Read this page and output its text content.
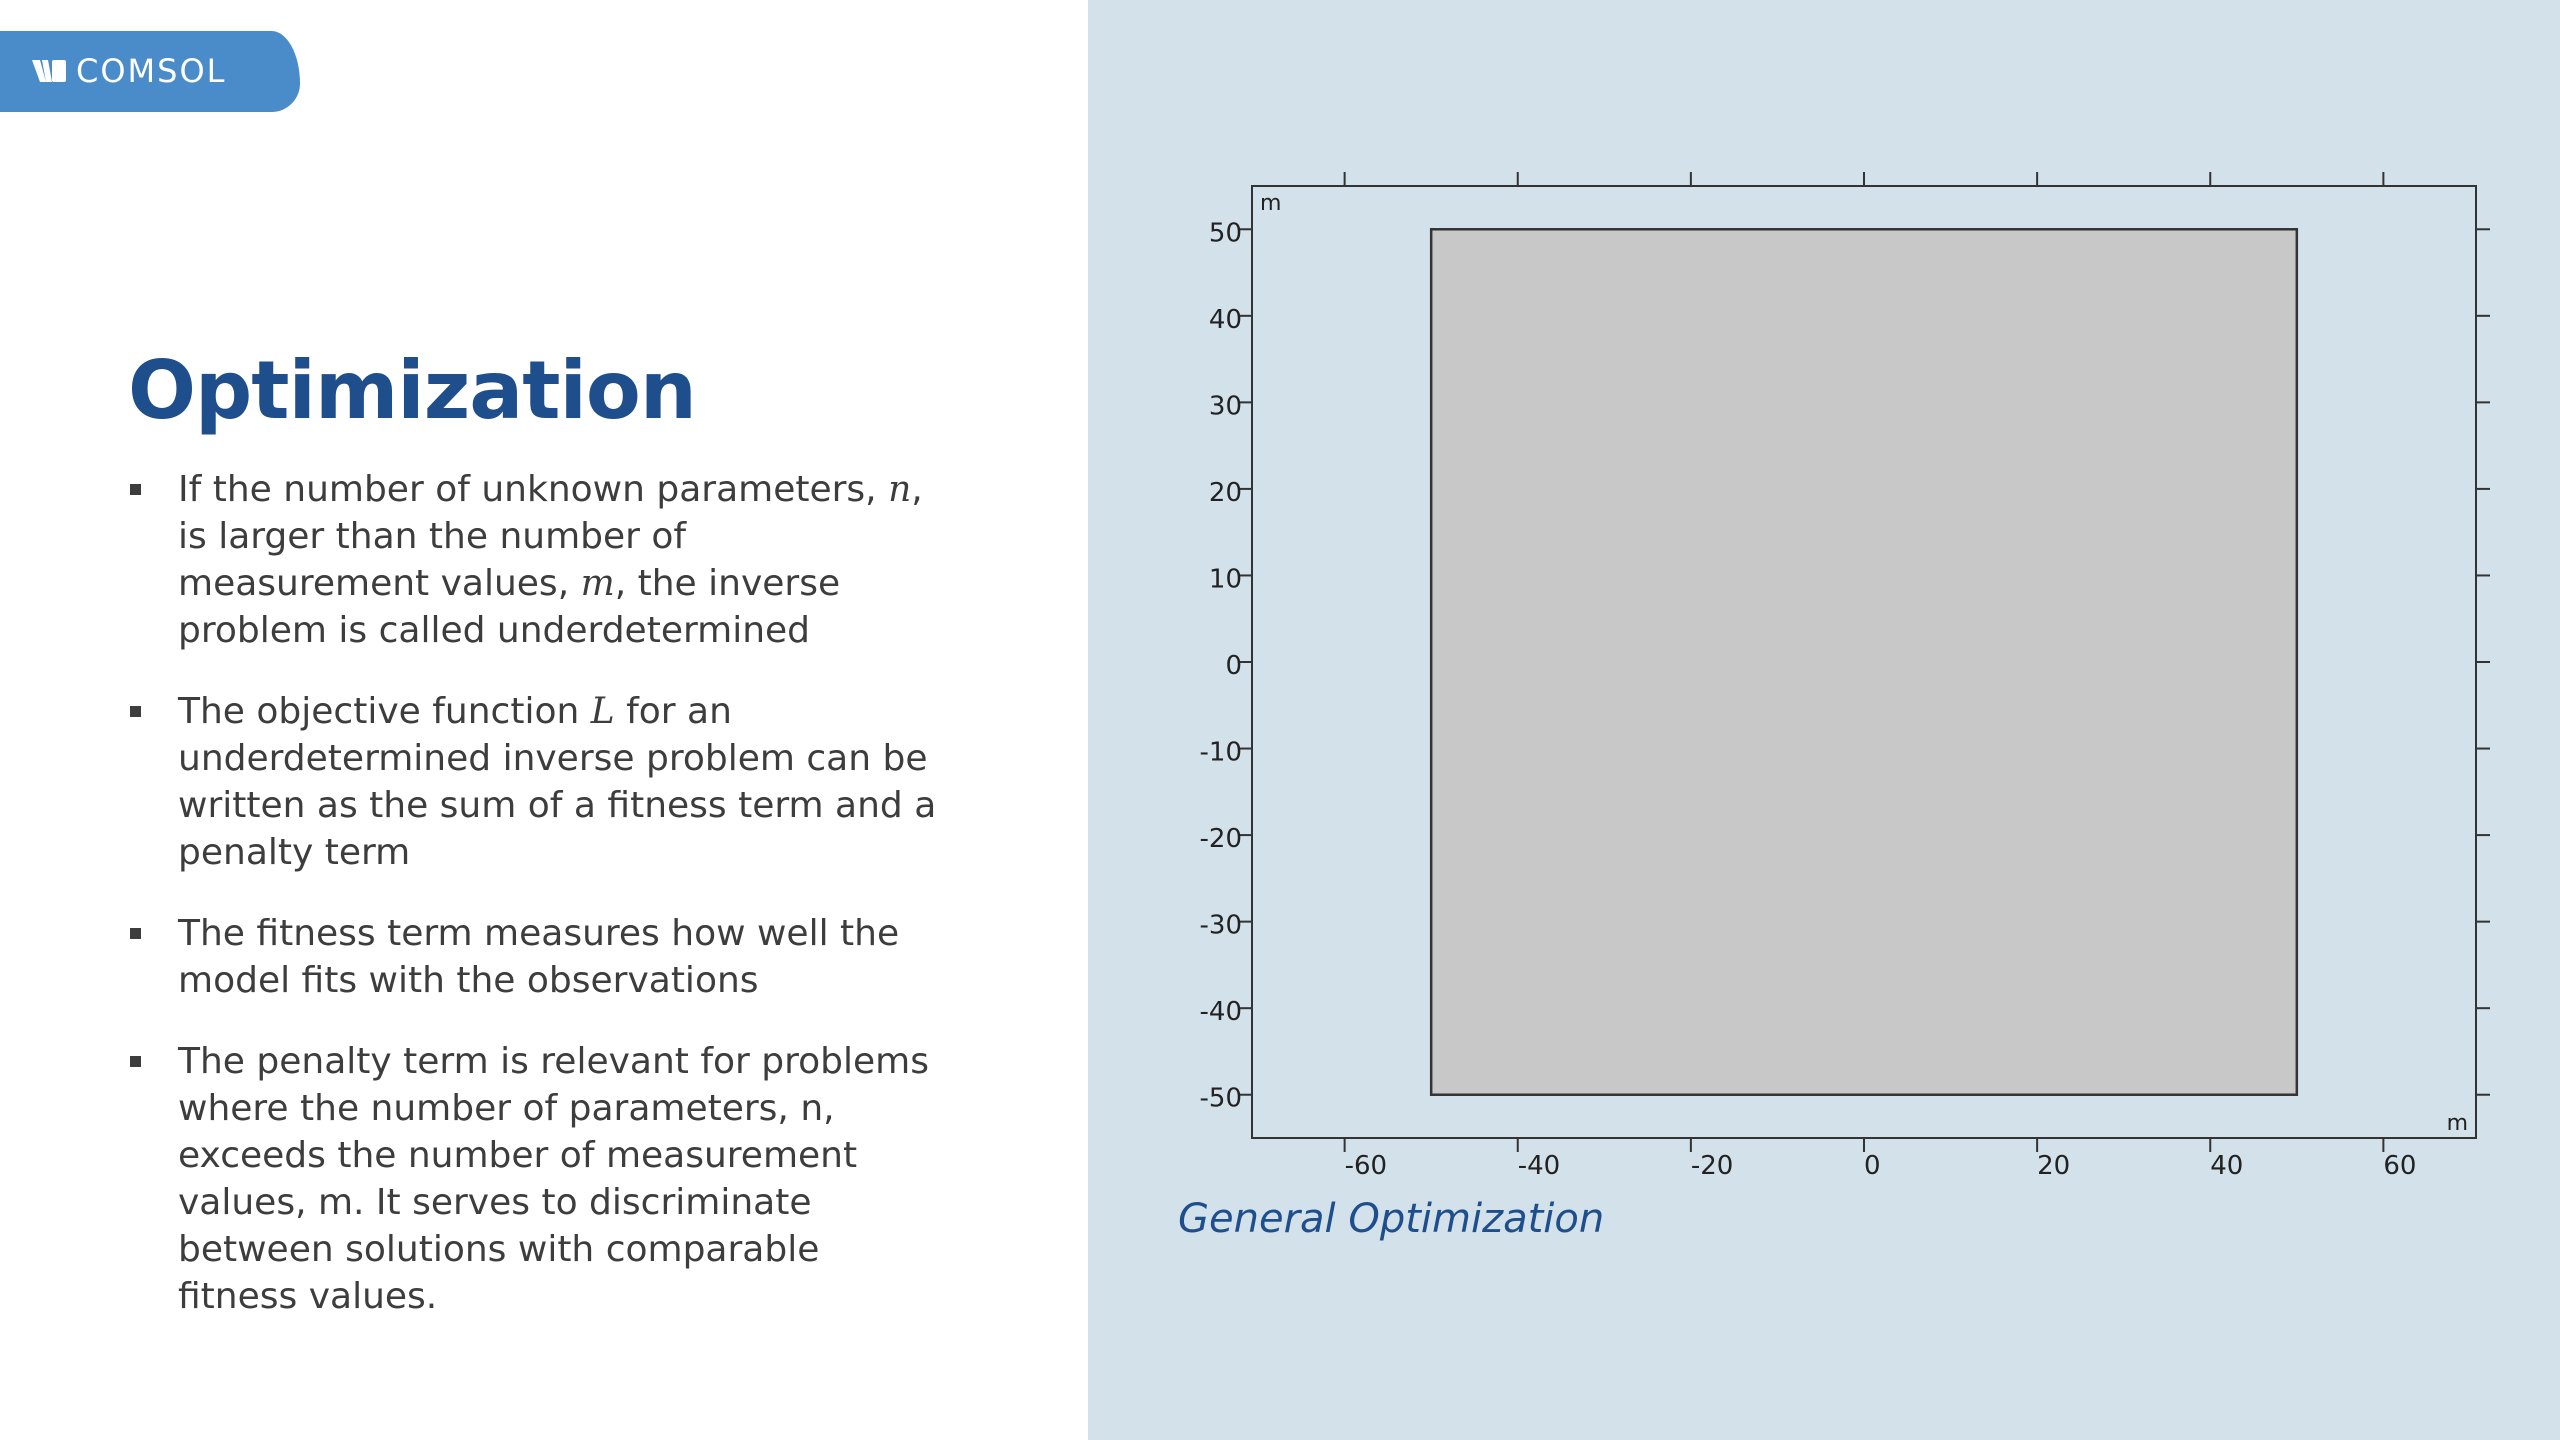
COMSOL
Optimization
If the number of unknown parameters, n, is larger than the number of measurement values, m, the inverse problem is called underdetermined
The objective function L for an underdetermined inverse problem can be written as the sum of a fitness term and a penalty term
The fitness term measures how well the model fits with the observations
The penalty term is relevant for problems where the number of parameters, n, exceeds the number of measurement values, m. It serves to discriminate between solutions with comparable fitness values.
-60	-40	-20	0	20	40	60
50
40
30
20
10
0
-10
-20
-30
-40
-50
m
m

General Optimization
